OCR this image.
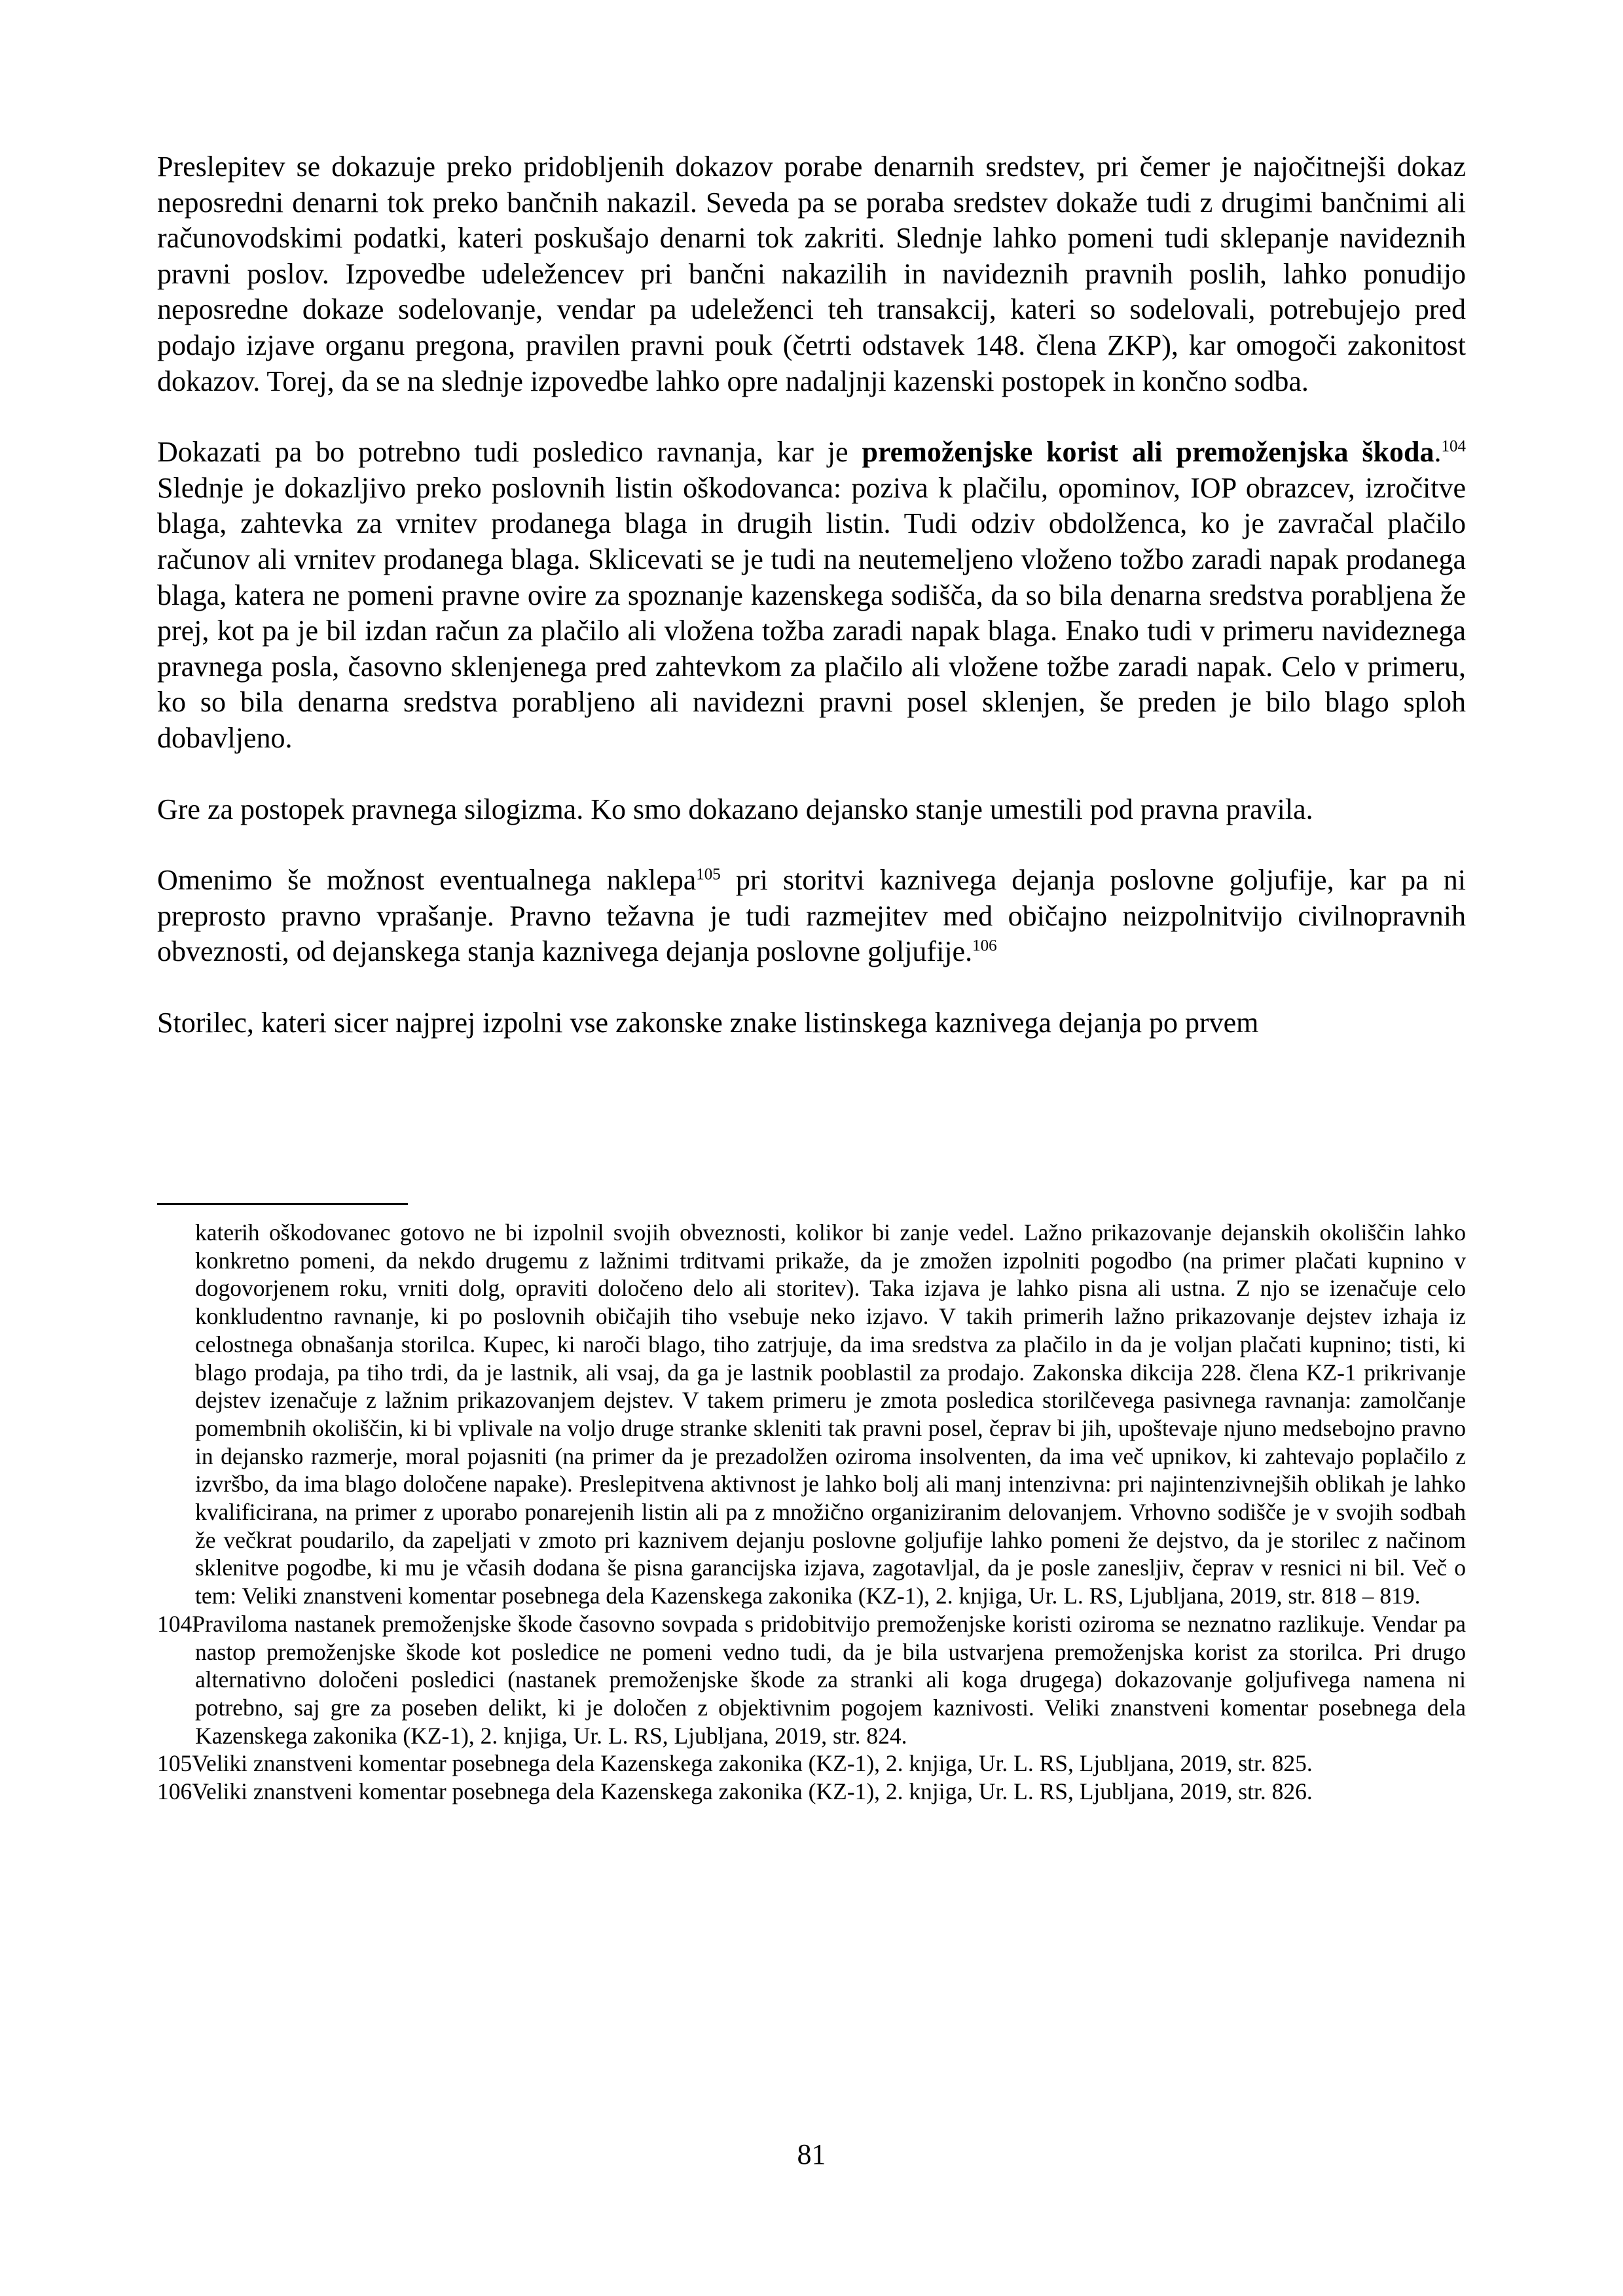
Preslepitev se dokazuje preko pridobljenih dokazov porabe denarnih sredstev, pri čemer je najočitnejši dokaz neposredni denarni tok preko bančnih nakazil. Seveda pa se poraba sredstev dokaže tudi z drugimi bančnimi ali računovodskimi podatki, kateri poskušajo denarni tok zakriti. Slednje lahko pomeni tudi sklepanje navideznih pravni poslov. Izpovedbe udeležencev pri bančni nakazilih in navideznih pravnih poslih, lahko ponudijo neposredne dokaze sodelovanje, vendar pa udeleženci teh transakcij, kateri so sodelovali, potrebujejo pred podajo izjave organu pregona, pravilen pravni pouk (četrti odstavek 148. člena ZKP), kar omogoči zakonitost dokazov. Torej, da se na slednje izpovedbe lahko opre nadaljnji kazenski postopek in končno sodba.

Dokazati pa bo potrebno tudi posledico ravnanja, kar je premoženjske korist ali premoženjska škoda.$^{104}$ Slednje je dokazljivo preko poslovnih listin oškodovanca: poziva k plačilu, opominov, IOP obrazcev, izročitve blaga, zahtevka za vrnitev prodanega blaga in drugih listin. Tudi odziv obdolženca, ko je zavračal plačilo računov ali vrnitev prodanega blaga. Sklicevati se je tudi na neutemeljeno vloženo tožbo zaradi napak prodanega blaga, katera ne pomeni pravne ovire za spoznanje kazenskega sodišča, da so bila denarna sredstva porabljena že prej, kot pa je bil izdan račun za plačilo ali vložena tožba zaradi napak blaga. Enako tudi v primeru navideznega pravnega posla, časovno sklenjenega pred zahtevkom za plačilo ali vložene tožbe zaradi napak. Celo v primeru, ko so bila denarna sredstva porabljeno ali navidezni pravni posel sklenjen, še preden je bilo blago sploh dobavljeno.

Gre za postopek pravnega silogizma. Ko smo dokazano dejansko stanje umestili pod pravna pravila.

Omenimo še možnost eventualnega naklepa$^{105}$ pri storitvi kaznivega dejanja poslovne goljufije, kar pa ni preprosto pravno vprašanje. Pravno težavna je tudi razmejitev med običajno neizpolnitvijo civilnopravnih obveznosti, od dejanskega stanja kaznivega dejanja poslovne goljufije.$^{106}$

Storilec, kateri sicer najprej izpolni vse zakonske znake listinskega kaznivega dejanja po prvem

katerih oškodovanec gotovo ne bi izpolnil svojih obveznosti, kolikor bi zanje vedel. Lažno prikazovanje dejanskih okoliščin lahko konkretno pomeni, da nekdo drugemu z lažnimi trditvami prikaže, da je zmožen izpolniti pogodbo (na primer plačati kupnino v dogovorjenem roku, vrniti dolg, opraviti določeno delo ali storitev). Taka izjava je lahko pisna ali ustna. Z njo se izenačuje celo konkludentno ravnanje, ki po poslovnih običajih tiho vsebuje neko izjavo. V takih primerih lažno prikazovanje dejstev izhaja iz celostnega obnašanja storilca. Kupec, ki naroči blago, tiho zatrjuje, da ima sredstva za plačilo in da je voljan plačati kupnino; tisti, ki blago prodaja, pa tiho trdi, da je lastnik, ali vsaj, da ga je lastnik pooblastil za prodajo. Zakonska dikcija 228. člena KZ-1 prikrivanje dejstev izenačuje z lažnim prikazovanjem dejstev. V takem primeru je zmota posledica storilčevega pasivnega ravnanja: zamolčanje pomembnih okoliščin, ki bi vplivale na voljo druge stranke skleniti tak pravni posel, čeprav bi jih, upoštevaje njuno medsebojno pravno in dejansko razmerje, moral pojasniti (na primer da je prezadolžen oziroma insolventen, da ima več upnikov, ki zahtevajo poplačilo z izvršbo, da ima blago določene napake). Preslepitvena aktivnost je lahko bolj ali manj intenzivna: pri najintenzivnejših oblikah je lahko kvalificirana, na primer z uporabo ponarejenih listin ali pa z množično organiziranim delovanjem. Vrhovno sodišče je v svojih sodbah že večkrat poudarilo, da zapeljati v zmoto pri kaznivem dejanju poslovne goljufije lahko pomeni že dejstvo, da je storilec z načinom sklenitve pogodbe, ki mu je včasih dodana še pisna garancijska izjava, zagotavljal, da je posle zanesljiv, čeprav v resnici ni bil. Več o tem: Veliki znanstveni komentar posebnega dela Kazenskega zakonika (KZ-1), 2. knjiga, Ur. L. RS, Ljubljana, 2019, str. 818 – 819.

104Praviloma nastanek premoženjske škode časovno sovpada s pridobitvijo premoženjske koristi oziroma se neznatno razlikuje. Vendar pa nastop premoženjske škode kot posledice ne pomeni vedno tudi, da je bila ustvarjena premoženjska korist za storilca. Pri drugo alternativno določeni posledici (nastanek premoženjske škode za stranki ali koga drugega) dokazovanje goljufivega namena ni potrebno, saj gre za poseben delikt, ki je določen z objektivnim pogojem kaznivosti. Veliki znanstveni komentar posebnega dela Kazenskega zakonika (KZ-1), 2. knjiga, Ur. L. RS, Ljubljana, 2019, str. 824.

105Veliki znanstveni komentar posebnega dela Kazenskega zakonika (KZ-1), 2. knjiga, Ur. L. RS, Ljubljana, 2019, str. 825.

106Veliki znanstveni komentar posebnega dela Kazenskega zakonika (KZ-1), 2. knjiga, Ur. L. RS, Ljubljana, 2019, str. 826.

81
